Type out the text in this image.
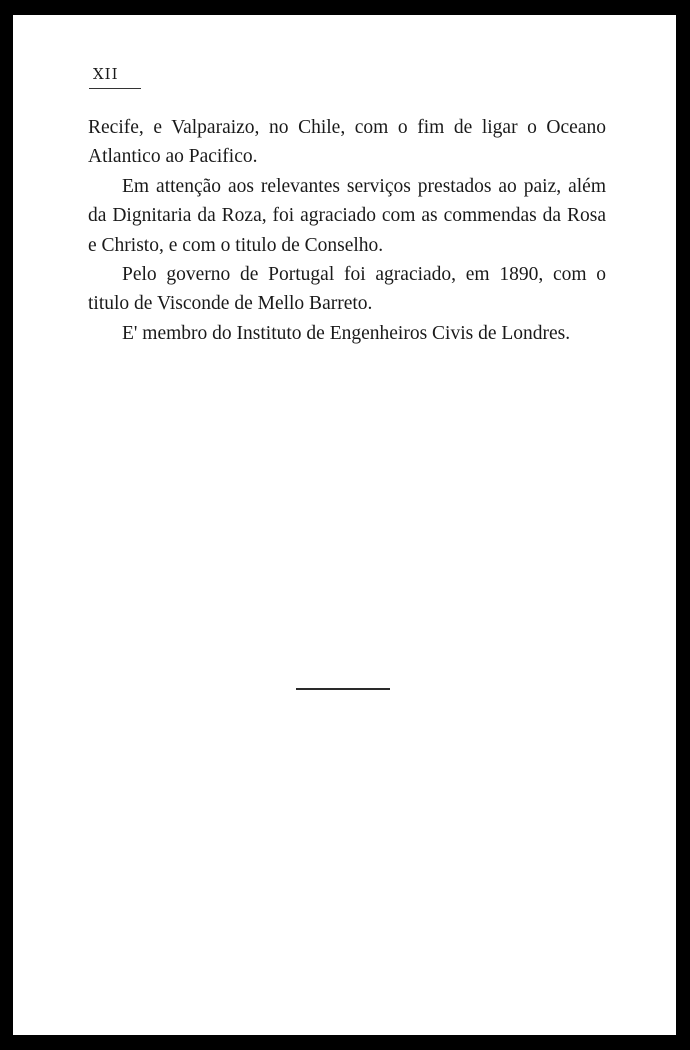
XII

Recife, e Valparaizo, no Chile, com o fim de ligar o Oceano Atlantico ao Pacifico.

Em attenção aos relevantes serviços prestados ao paiz, além da Dignitaria da Roza, foi agraciado com as commendas da Rosa e Christo, e com o titulo de Conselho.

Pelo governo de Portugal foi agraciado, em 1890, com o titulo de Visconde de Mello Barreto.

E' membro do Instituto de Engenheiros Civis de Londres.
